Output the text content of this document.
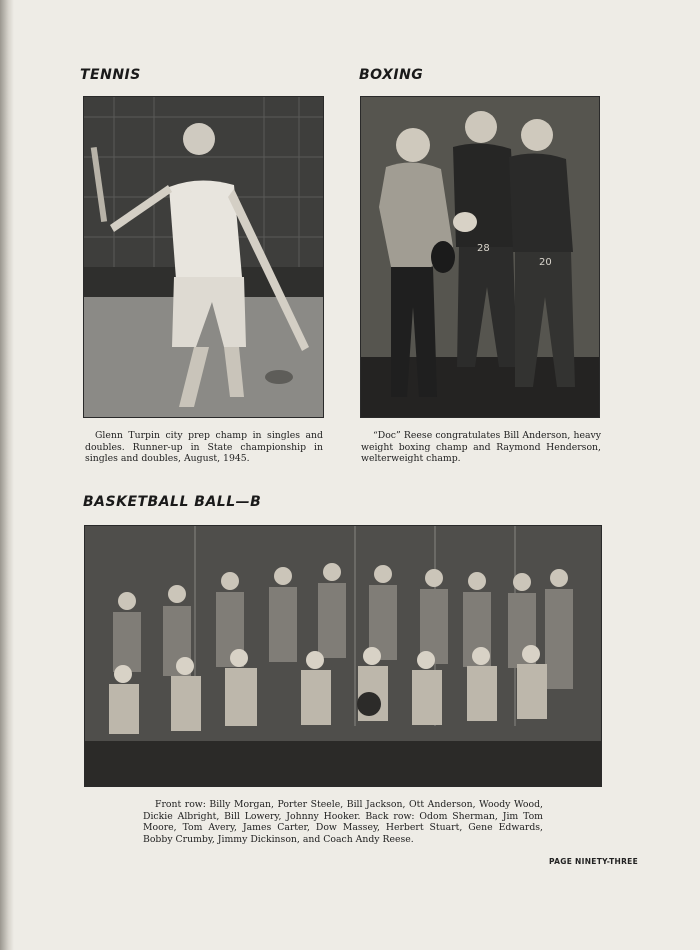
TENNIS
Glenn Turpin city prep champ in singles and doubles. Runner-up in State championship in singles and doubles, August, 1945.
BOXING
28
20
“Doc” Reese congratulates Bill Anderson, heavy weight boxing champ and Raymond Henderson, welterweight champ.
BASKETBALL BALL—B
Front row: Billy Morgan, Porter Steele, Bill Jackson, Ott Anderson, Woody Wood, Dickie Albright, Bill Lowery, Johnny Hooker. Back row: Odom Sherman, Jim Tom Moore, Tom Avery, James Carter, Dow Massey, Herbert Stuart, Gene Edwards, Bobby Crumby, Jimmy Dickinson, and Coach Andy Reese.
PAGE NINETY-THREE
